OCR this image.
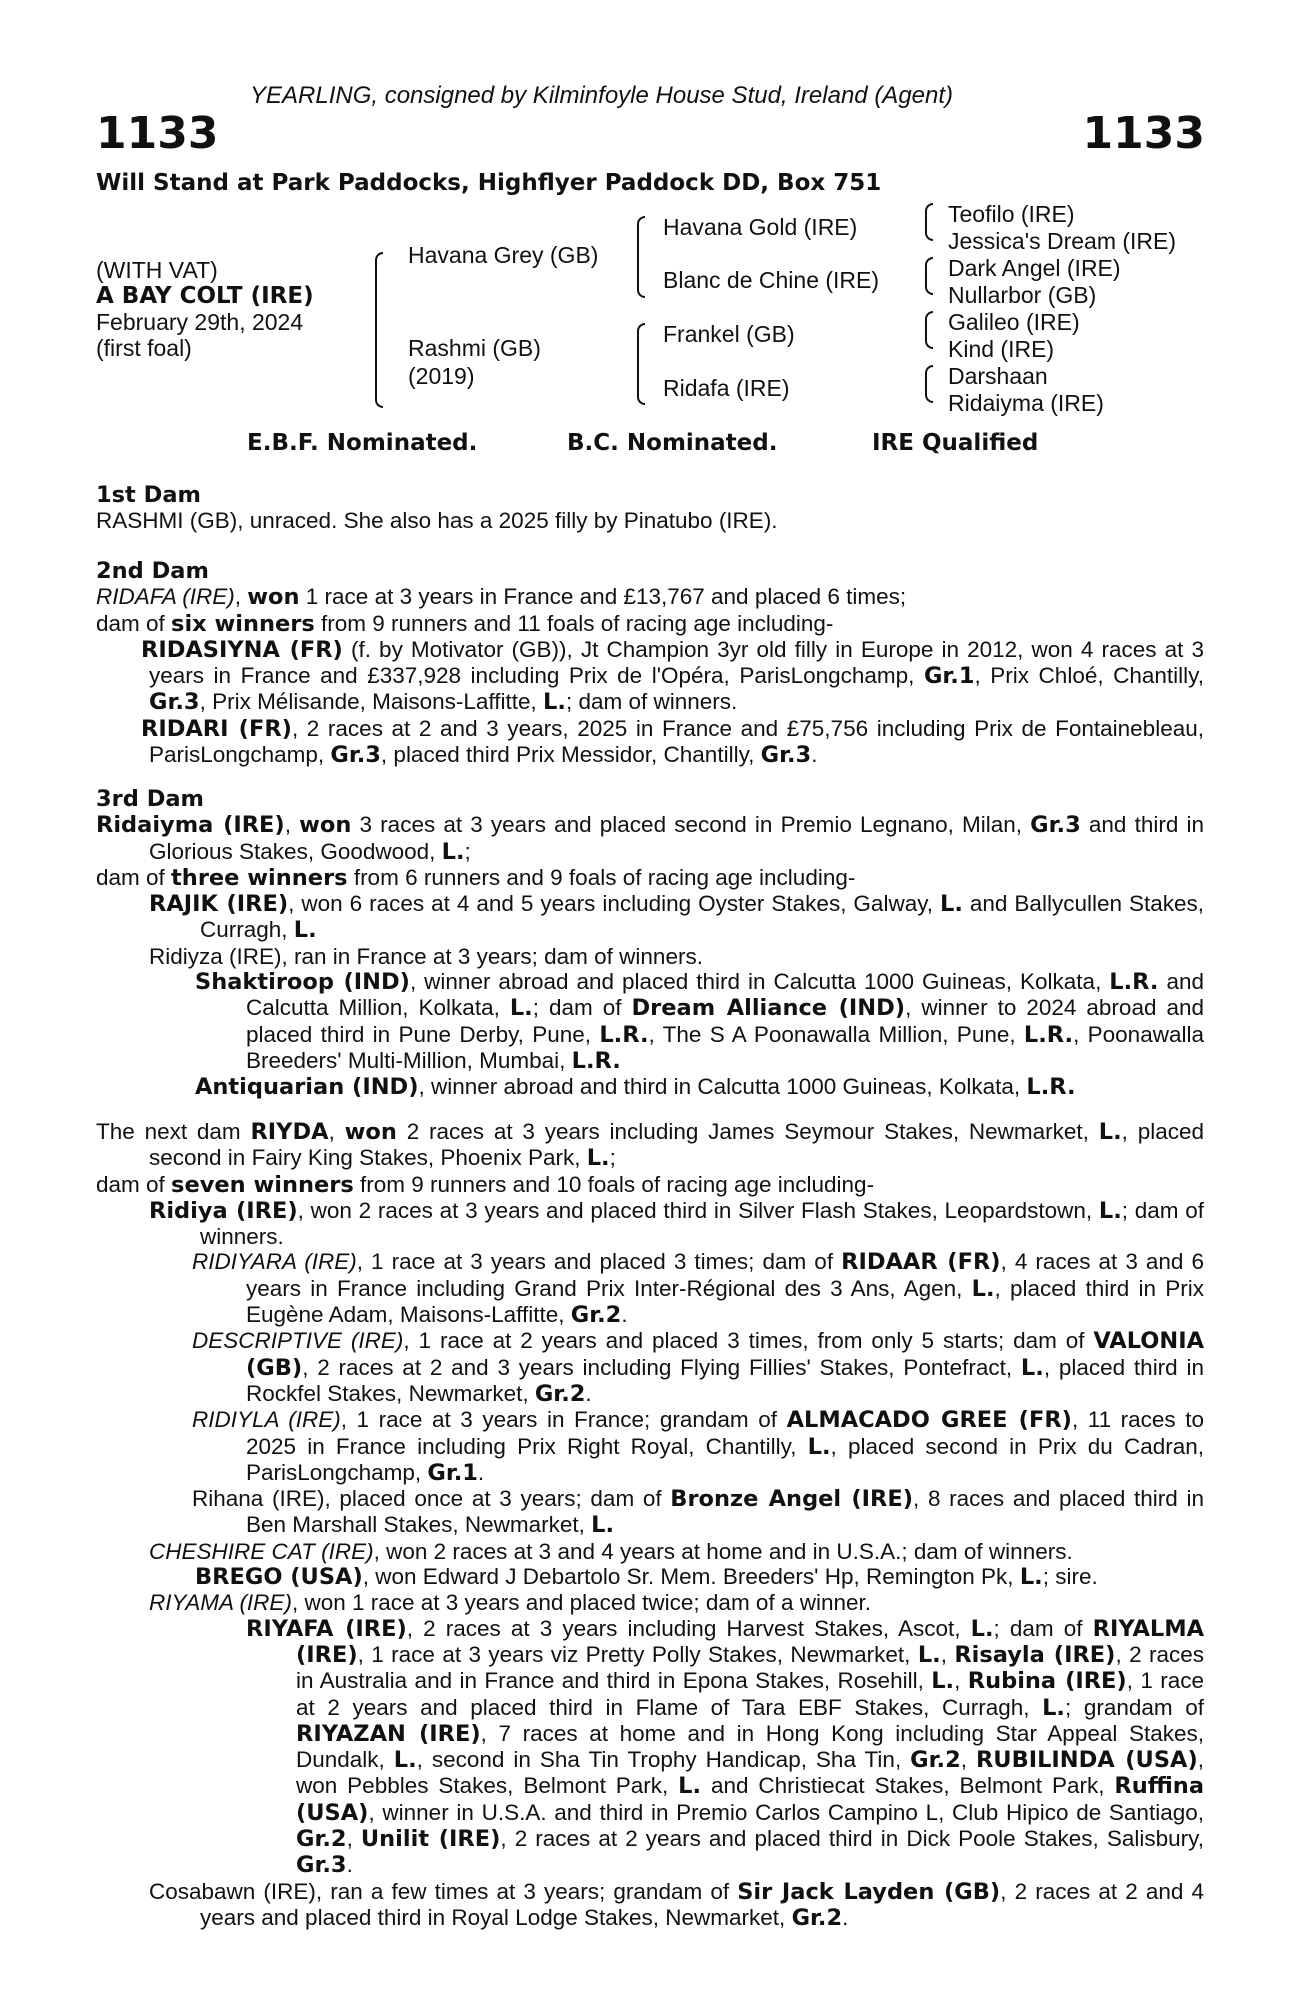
YEARLING, consigned by Kilminfoyle House Stud, Ireland (Agent)
1133	1133
Will Stand at Park Paddocks, Highflyer Paddock DD, Box 751
(WITH VAT)
A BAY COLT (IRE)
February 29th, 2024
(first foal)
Havana Grey (GB)
Rashmi (GB)
(2019)
Havana Gold (IRE)
Blanc de Chine (IRE)
Frankel (GB)
Ridafa (IRE)
Teofilo (IRE)
Jessica's Dream (IRE)
Dark Angel (IRE)
Nullarbor (GB)
Galileo (IRE)
Kind (IRE)
Darshaan
Ridaiyma (IRE)
E.B.F. Nominated.	B.C. Nominated.	IRE Qualified

1st Dam

RASHMI (GB), unraced. She also has a 2025 filly by Pinatubo (IRE).

2nd Dam

RIDAFA (IRE), won 1 race at 3 years in France and £13,767 and placed 6 times;

dam of six winners from 9 runners and 11 foals of racing age including-

RIDASIYNA (FR) (f. by Motivator (GB)), Jt Champion 3yr old filly in Europe in 2012, won 4 races at 3 years in France and £337,928 including Prix de l'Opéra, ParisLongchamp, Gr.1, Prix Chloé, Chantilly, Gr.3, Prix Mélisande, Maisons-Laffitte, L.; dam of winners.

RIDARI (FR), 2 races at 2 and 3 years, 2025 in France and £75,756 including Prix de Fontainebleau, ParisLongchamp, Gr.3, placed third Prix Messidor, Chantilly, Gr.3.

3rd Dam

Ridaiyma (IRE), won 3 races at 3 years and placed second in Premio Legnano, Milan, Gr.3 and third in Glorious Stakes, Goodwood, L.;

dam of three winners from 6 runners and 9 foals of racing age including-

RAJIK (IRE), won 6 races at 4 and 5 years including Oyster Stakes, Galway, L. and Ballycullen Stakes, Curragh, L.

Ridiyza (IRE), ran in France at 3 years; dam of winners.

Shaktiroop (IND), winner abroad and placed third in Calcutta 1000 Guineas, Kolkata, L.R. and Calcutta Million, Kolkata, L.; dam of Dream Alliance (IND), winner to 2024 abroad and placed third in Pune Derby, Pune, L.R., The S A Poonawalla Million, Pune, L.R., Poonawalla Breeders' Multi-Million, Mumbai, L.R.

Antiquarian (IND), winner abroad and third in Calcutta 1000 Guineas, Kolkata, L.R.

The next dam RIYDA, won 2 races at 3 years including James Seymour Stakes, Newmarket, L., placed second in Fairy King Stakes, Phoenix Park, L.;

dam of seven winners from 9 runners and 10 foals of racing age including-

Ridiya (IRE), won 2 races at 3 years and placed third in Silver Flash Stakes, Leopardstown, L.; dam of winners.

RIDIYARA (IRE), 1 race at 3 years and placed 3 times; dam of RIDAAR (FR), 4 races at 3 and 6 years in France including Grand Prix Inter-Régional des 3 Ans, Agen, L., placed third in Prix Eugène Adam, Maisons-Laffitte, Gr.2.

DESCRIPTIVE (IRE), 1 race at 2 years and placed 3 times, from only 5 starts; dam of VALONIA (GB), 2 races at 2 and 3 years including Flying Fillies' Stakes, Pontefract, L., placed third in Rockfel Stakes, Newmarket, Gr.2.

RIDIYLA (IRE), 1 race at 3 years in France; grandam of ALMACADO GREE (FR), 11 races to 2025 in France including Prix Right Royal, Chantilly, L., placed second in Prix du Cadran, ParisLongchamp, Gr.1.

Rihana (IRE), placed once at 3 years; dam of Bronze Angel (IRE), 8 races and placed third in Ben Marshall Stakes, Newmarket, L.

CHESHIRE CAT (IRE), won 2 races at 3 and 4 years at home and in U.S.A.; dam of winners.

BREGO (USA), won Edward J Debartolo Sr. Mem. Breeders' Hp, Remington Pk, L.; sire.

RIYAMA (IRE), won 1 race at 3 years and placed twice; dam of a winner.

RIYAFA (IRE), 2 races at 3 years including Harvest Stakes, Ascot, L.; dam of RIYALMA (IRE), 1 race at 3 years viz Pretty Polly Stakes, Newmarket, L., Risayla (IRE), 2 races in Australia and in France and third in Epona Stakes, Rosehill, L., Rubina (IRE), 1 race at 2 years and placed third in Flame of Tara EBF Stakes, Curragh, L.; grandam of RIYAZAN (IRE), 7 races at home and in Hong Kong including Star Appeal Stakes, Dundalk, L., second in Sha Tin Trophy Handicap, Sha Tin, Gr.2, RUBILINDA (USA), won Pebbles Stakes, Belmont Park, L. and Christiecat Stakes, Belmont Park, Ruffina (USA), winner in U.S.A. and third in Premio Carlos Campino L, Club Hipico de Santiago, Gr.2, Unilit (IRE), 2 races at 2 years and placed third in Dick Poole Stakes, Salisbury, Gr.3.

Cosabawn (IRE), ran a few times at 3 years; grandam of Sir Jack Layden (GB), 2 races at 2 and 4 years and placed third in Royal Lodge Stakes, Newmarket, Gr.2.
